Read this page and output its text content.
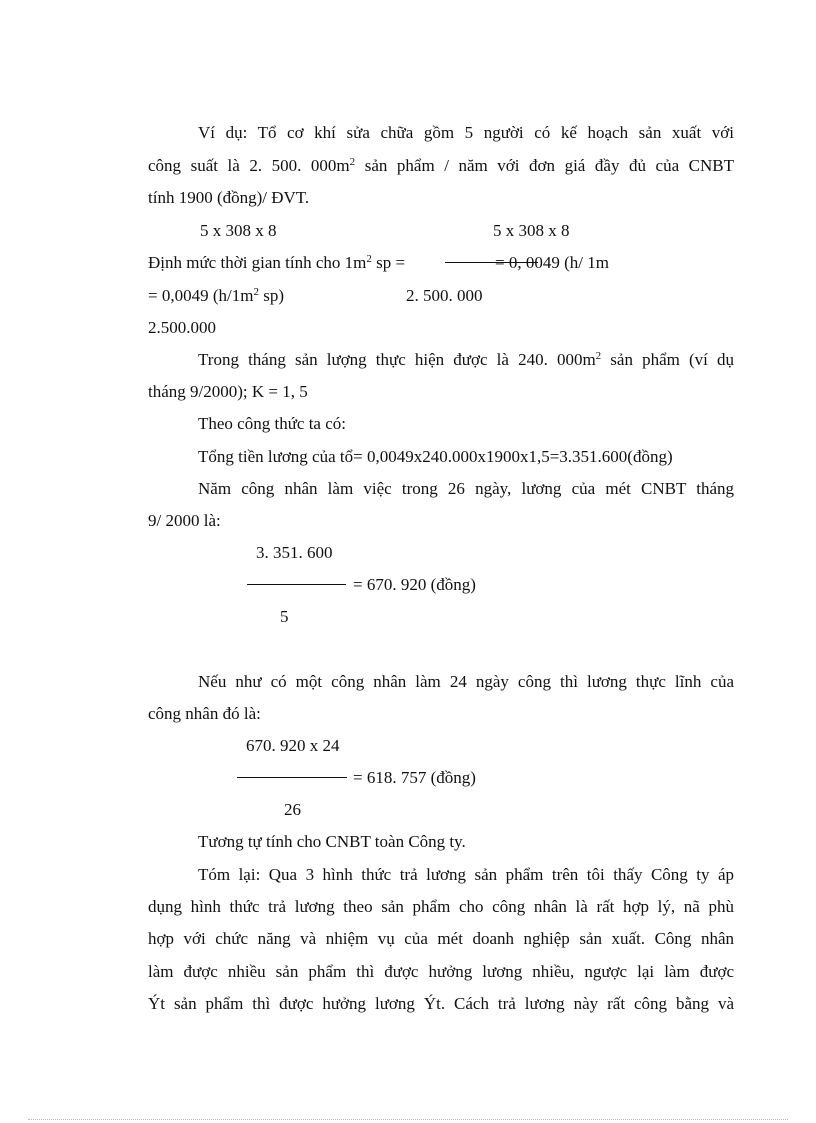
Ví dụ: Tổ cơ khí sửa chữa gồm 5 người có kế hoạch sản xuất với
công suất là 2. 500. $000m^2$ sản phẩm / năm với đơn giá đầy đủ của CNBT
tính 1900 (đồng)/ ĐVT.
5 x 308 x 8	5 x 308 x 8
Định mức thời gian tính cho $1m^2$ sp =	= 0, 0049 (h/ 1m
= 0,0049 ($h/1m^2$ sp)	2. 500. 000
2.500.000
Trong tháng sản lượng thực hiện được là 240. $000m^2$ sản phẩm (ví dụ
tháng 9/2000); K = 1, 5
Theo công thức ta có:
Tổng tiền lương của tổ= 0,0049x240.000x1900x1,5=3.351.600(đồng)
Năm công nhân làm việc trong 26 ngày, lương của mét CNBT tháng
9/ 2000 là:
3. 351. 600
= 670. 920 (đồng)
5
Nếu như có một công nhân làm 24 ngày công thì lương thực lĩnh của
công nhân đó là:
670. 920 x 24
= 618. 757 (đồng)
26
Tương tự tính cho CNBT toàn Công ty.
Tóm lại: Qua 3 hình thức trả lương sản phẩm trên tôi thấy Công ty áp
dụng hình thức trả lương theo sản phẩm cho công nhân là rất hợp lý, nã phù
hợp với chức năng và nhiệm vụ của mét doanh nghiệp sản xuất. Công nhân
làm được nhiều sản phẩm thì được hưởng lương nhiều, ngược lại làm được
Ýt sản phẩm thì được hưởng lương Ýt. Cách trả lương này rất công bằng và
